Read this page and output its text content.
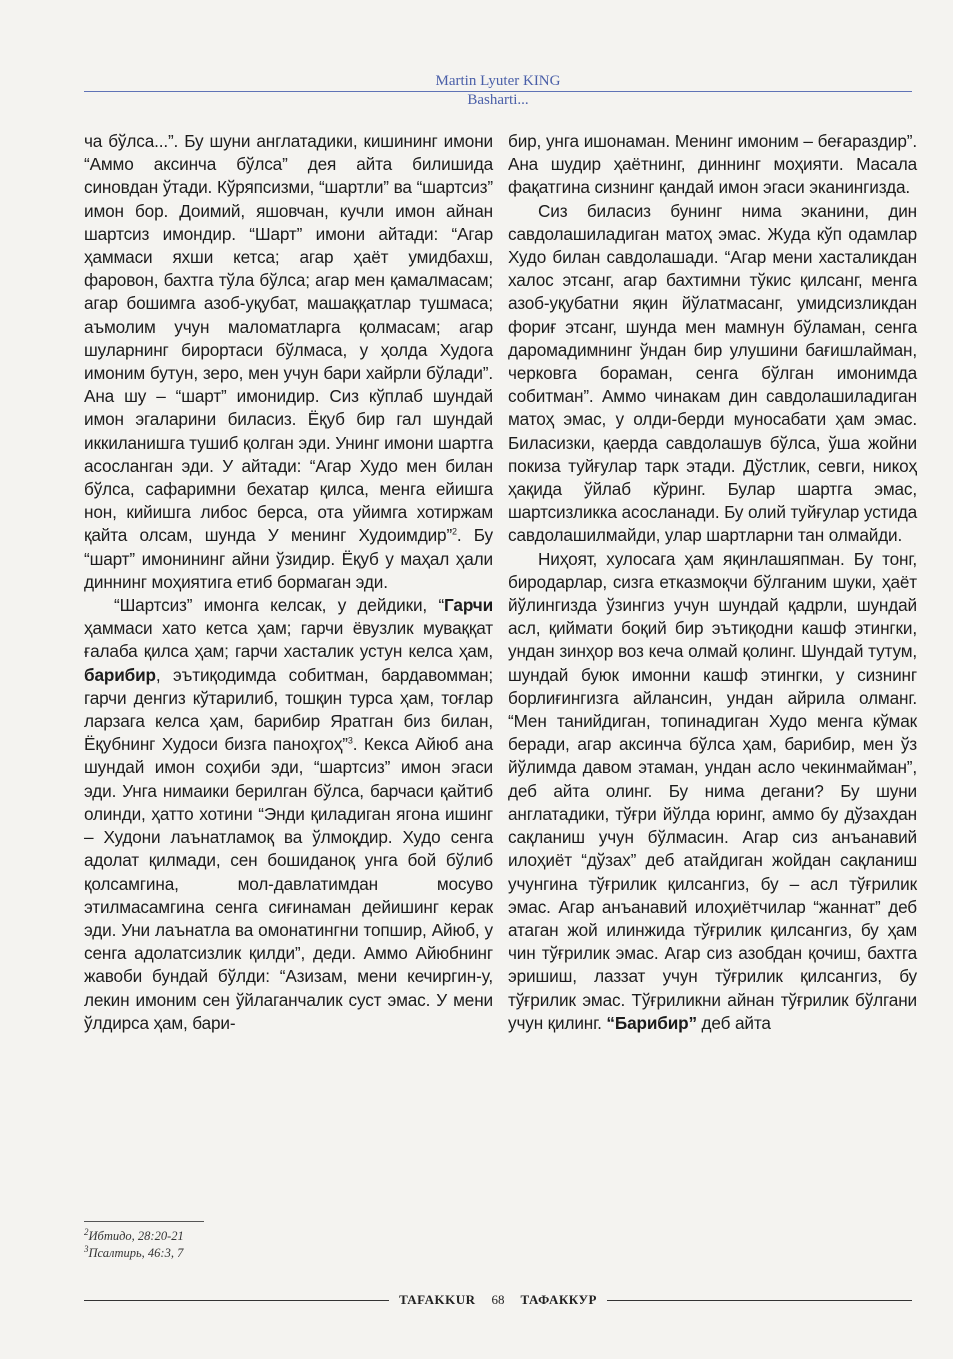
Martin Lyuter KING
Basharti...

ча бўлса...”. Бу шуни англатадики, кишининг имони “Аммо аксинча бўлса” дея айта билишида синовдан ўтади. Кўряпсизми, “шартли” ва “шартсиз” имон бор. Доимий, яшовчан, кучли имон айнан шартсиз имондир. “Шарт” имони айтади: “Агар ҳаммаси яхши кетса; агар ҳаёт умидбахш, фаровон, бахтга тўла бўлса; агар мен қамалмасам; агар бошимга азоб-уқубат, машаққатлар тушмаса; аъмолим учун маломатларга қолмасам; агар шуларнинг бирортаси бўлмаса, у ҳолда Худога имоним бутун, зеро, мен учун бари хайрли бўлади”. Ана шу – “шарт” имонидир. Сиз кўплаб шундай имон эгаларини биласиз. Ёқуб бир гал шундай иккиланишга тушиб қолган эди. Унинг имони шартга асосланган эди. У айтади: “Агар Худо мен билан бўлса, сафаримни бехатар қилса, менга ейишга нон, кийишга либос берса, ота уйимга хотиржам қайта олсам, шунда У менинг Худоимдир”$^2$. Бу “шарт” имонининг айни ўзидир. Ёқуб у маҳал ҳали диннинг моҳиятига етиб бормаган эди.

“Шартсиз” имонга келсак, у дейдики, “Гарчи ҳаммаси хато кетса ҳам; гарчи ёвузлик муваққат ғалаба қилса ҳам; гарчи хасталик устун келса ҳам, барибир, эътиқодимда собитман, бардавомман; гарчи денгиз кўтарилиб, тошқин турса ҳам, тоғлар ларзага келса ҳам, барибир Яратган биз билан, Ёқубнинг Худоси бизга паноҳгоҳ”$^3$. Кекса Айюб ана шундай имон соҳиби эди, “шартсиз” имон эгаси эди. Унга нимаики берилган бўлса, барчаси қайтиб олинди, ҳатто хотини “Энди қиладиган ягона ишинг – Худони лаънатламоқ ва ўлмоқдир. Худо сенга адолат қилмади, сен бошиданоқ унга бой бўлиб қолсамгина, мол-давлатимдан мосуво этилмасамгина сенга сиғинаман дейишинг керак эди. Уни лаънатла ва омонатингни топшир, Айюб, у сенга адолатсизлик қилди”, деди. Аммо Айюбнинг жавоби бундай бўлди: “Азизам, мени кечиргин-у, лекин имоним сен ўйлаганчалик суст эмас. У мени ўлдирса ҳам, бари-

бир, унга ишонаман. Менинг имоним – беғараздир”. Ана шудир ҳаётнинг, диннинг моҳияти. Масала фақатгина сизнинг қандай имон эгаси эканингизда.

Сиз биласиз бунинг нима эканини, дин савдолашиладиган матоҳ эмас. Жуда кўп одамлар Худо билан савдолашади. “Агар мени хасталикдан халос этсанг, агар бахтимни тўкис қилсанг, менга азоб-уқубатни яқин йўлатмасанг, умидсизликдан фориғ этсанг, шунда мен мамнун бўламан, сенга даромадимнинг ўндан бир улушини бағишлайман, черковга бораман, сенга бўлган имонимда собитман”. Аммо чинакам дин савдолашиладиган матоҳ эмас, у олди-берди муносабати ҳам эмас. Биласизки, қаерда савдолашув бўлса, ўша жойни покиза туйғулар тарк этади. Дўстлик, севги, никоҳ ҳақида ўйлаб кўринг. Булар шартга эмас, шартсизликка асосланади. Бу олий туйғулар устида савдолашилмайди, улар шартларни тан олмайди.

Ниҳоят, хулосага ҳам яқинлашяпман. Бу тонг, биродарлар, сизга етказмоқчи бўлганим шуки, ҳаёт йўлингизда ўзингиз учун шундай қадрли, шундай асл, қиймати боқий бир эътиқодни кашф этингки, ундан зинҳор воз кеча олмай қолинг. Шундай тутум, шундай буюк имонни кашф этингки, у сизнинг борлиғингизга айлансин, ундан айрила олманг. “Мен танийдиган, топинадиган Худо менга кўмак беради, агар аксинча бўлса ҳам, барибир, мен ўз йўлимда давом этаман, ундан асло чекинмайман”, деб айта олинг. Бу нима дегани? Бу шуни англатадики, тўғри йўлда юринг, аммо бу дўзахдан сақланиш учун бўлмасин. Агар сиз анъанавий илоҳиёт “дўзах” деб атайдиган жойдан сақланиш учунгина тўғрилик қилсангиз, бу – асл тўғрилик эмас. Агар анъанавий илоҳиётчилар “жаннат” деб атаган жой илинжида тўғрилик қилсангиз, бу ҳам чин тўғрилик эмас. Агар сиз азобдан қочиш, бахтга эришиш, лаззат учун тўғрилик қилсангиз, бу тўғрилик эмас. Тўғриликни айнан тўғрилик бўлгани учун қилинг. “Барибир” деб айта

$^2$Ибтидо, 28:20-21
$^3$Псалтирь, 46:3, 7
TAFAKKUR	68	ТАФАККУР
